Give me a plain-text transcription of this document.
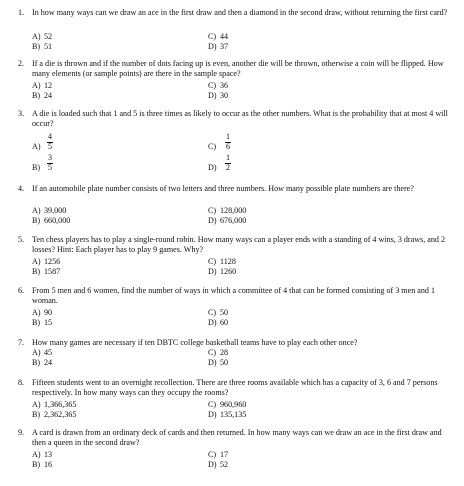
1. In how many ways can we draw an ace in the first draw and then a diamond in the second draw, without returning the first card?

A) 52
B) 51
C) 44
D) 37
2. If a die is thrown and if the number of dots facing up is even, another die will be thrown, otherwise a coin will be flipped. How many elements (or sample points) are there in the sample space?

A) 12
B) 24
C) 36
D) 30
3. A die is loaded such that 1 and 5 is three times as likely to occur as the other numbers. What is the probability that at most 4 will occur?

A)
4
5
B)
3
5
C)
1
6
D)
1
2
4. If an automobile plate number consists of two letters and three numbers. How many possible plate numbers are there?

A) 39,000
B) 660,000
C) 128,000
D) 676,000
5. Ten chess players has to play a single-round robin. How many ways can a player ends with a standing of 4 wins, 3 draws, and 2 losses? Hint: Each player has to play 9 games. Why?

A) 1256
B) 1587
C) 1128
D) 1260
6. From 5 men and 6 women, find the number of ways in which a committee of 4 that can be formed consisting of 3 men and 1 woman.

A) 90
B) 15
C) 50
D) 60
7. How many games are necessary if ten DBTC college basketball teams have to play each other once?

A) 45
B) 24
C) 28
D) 50
8. Fifteen students went to an overnight recollection. There are three rooms available which has a capacity of 3, 6 and 7 persons respectively. In how many ways can they occupy the rooms?

A) 1,366,365
B) 2,362,365
C) 960,960
D) 135,135
9. A card is drawn from an ordinary deck of cards and then returned. In how many ways can we draw an ace in the first draw and then a queen in the second draw?

A) 13
B) 16
C) 17
D) 52
